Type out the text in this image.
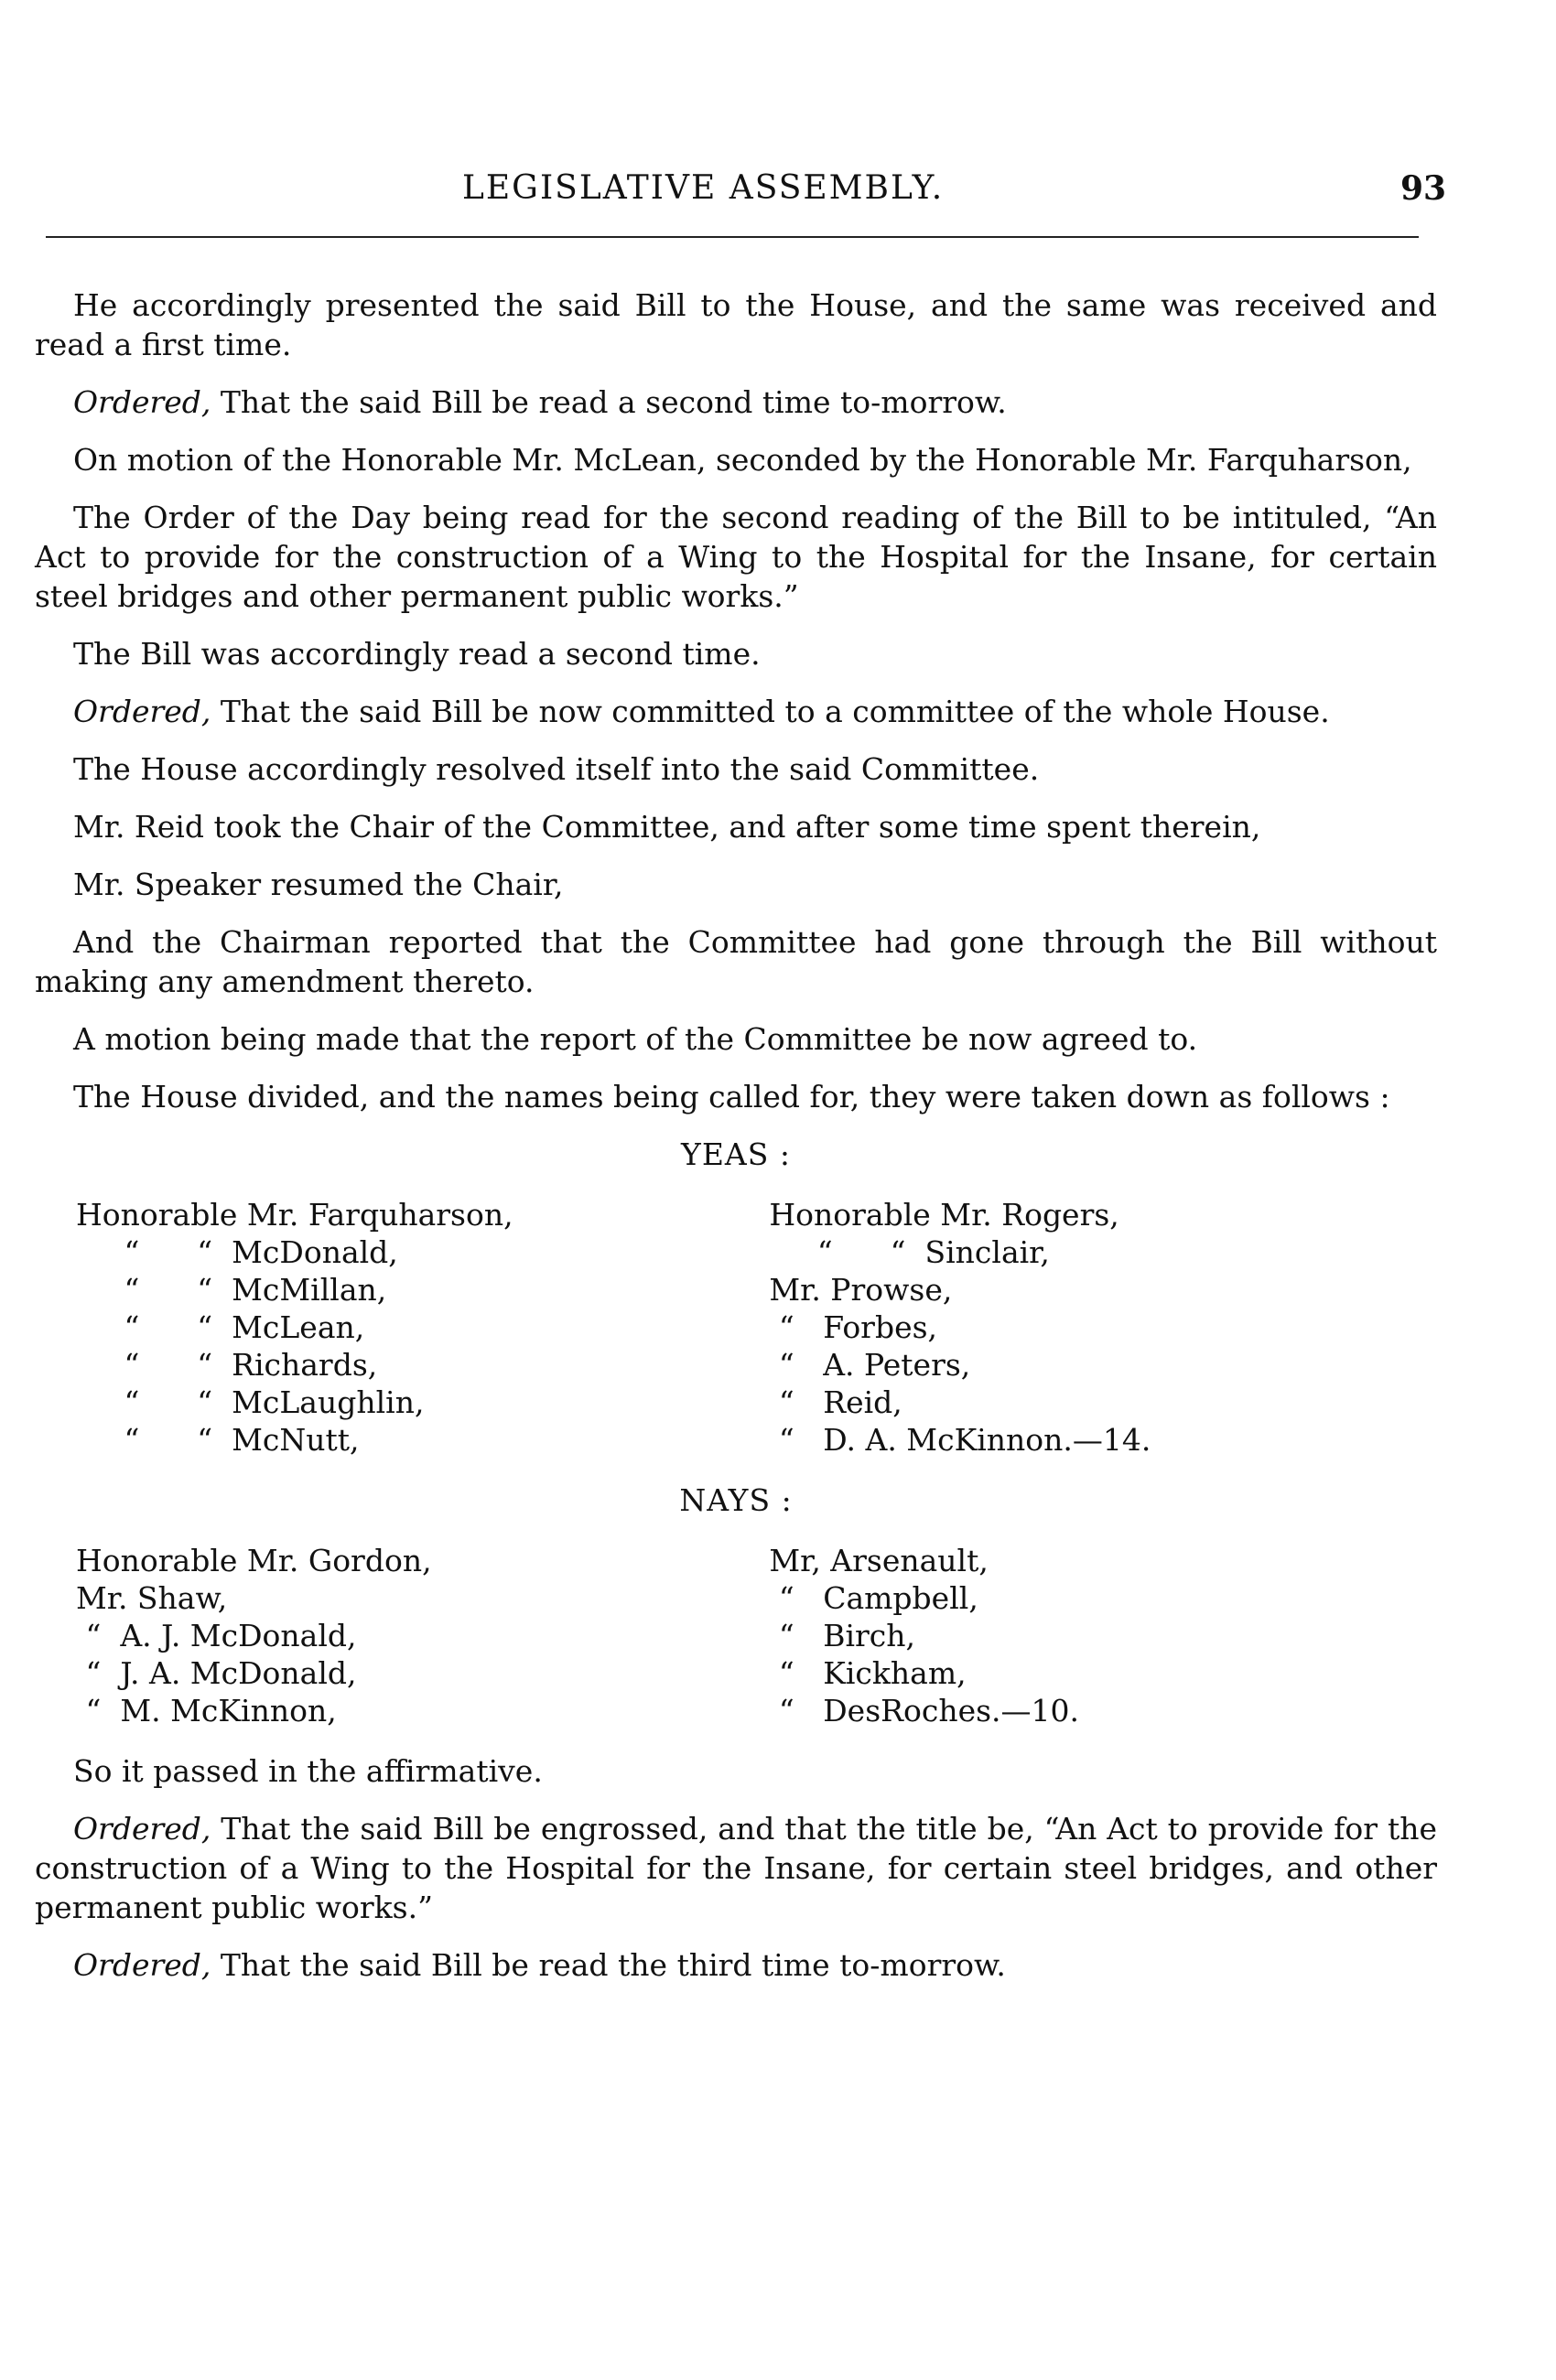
LEGISLATIVE ASSEMBLY.	93

He accordingly presented the said Bill to the House, and the same was received and read a first time.

Ordered, That the said Bill be read a second time to-morrow.

On motion of the Honorable Mr. McLean, seconded by the Honorable Mr. Farquharson,

The Order of the Day being read for the second reading of the Bill to be intituled, “An Act to provide for the construction of a Wing to the Hospital for the Insane, for certain steel bridges and other permanent public works.”

The Bill was accordingly read a second time.

Ordered, That the said Bill be now committed to a committee of the whole House.

The House accordingly resolved itself into the said Committee.

Mr. Reid took the Chair of the Committee, and after some time spent therein,

Mr. Speaker resumed the Chair,

And the Chairman reported that the Committee had gone through the Bill without making any amendment thereto.

A motion being made that the report of the Committee be now agreed to.

The House divided, and the names being called for, they were taken down as follows :

YEAS :
Honorable Mr. Farquharson,
“      “  McDonald,
“      “  McMillan,
“      “  McLean,
“      “  Richards,
“      “  McLaughlin,
“      “  McNutt,
Honorable Mr. Rogers,
“      “  Sinclair,
Mr. Prowse,
“   Forbes,
“   A. Peters,
“   Reid,
“   D. A. McKinnon.—14.
NAYS :
Honorable Mr. Gordon,
Mr. Shaw,
“  A. J. McDonald,
“  J. A. McDonald,
“  M. McKinnon,
Mr, Arsenault,
“   Campbell,
“   Birch,
“   Kickham,
“   DesRoches.—10.

So it passed in the affirmative.

Ordered, That the said Bill be engrossed, and that the title be, “An Act to provide for the construction of a Wing to the Hospital for the Insane, for certain steel bridges, and other permanent public works.”

Ordered, That the said Bill be read the third time to-morrow.
